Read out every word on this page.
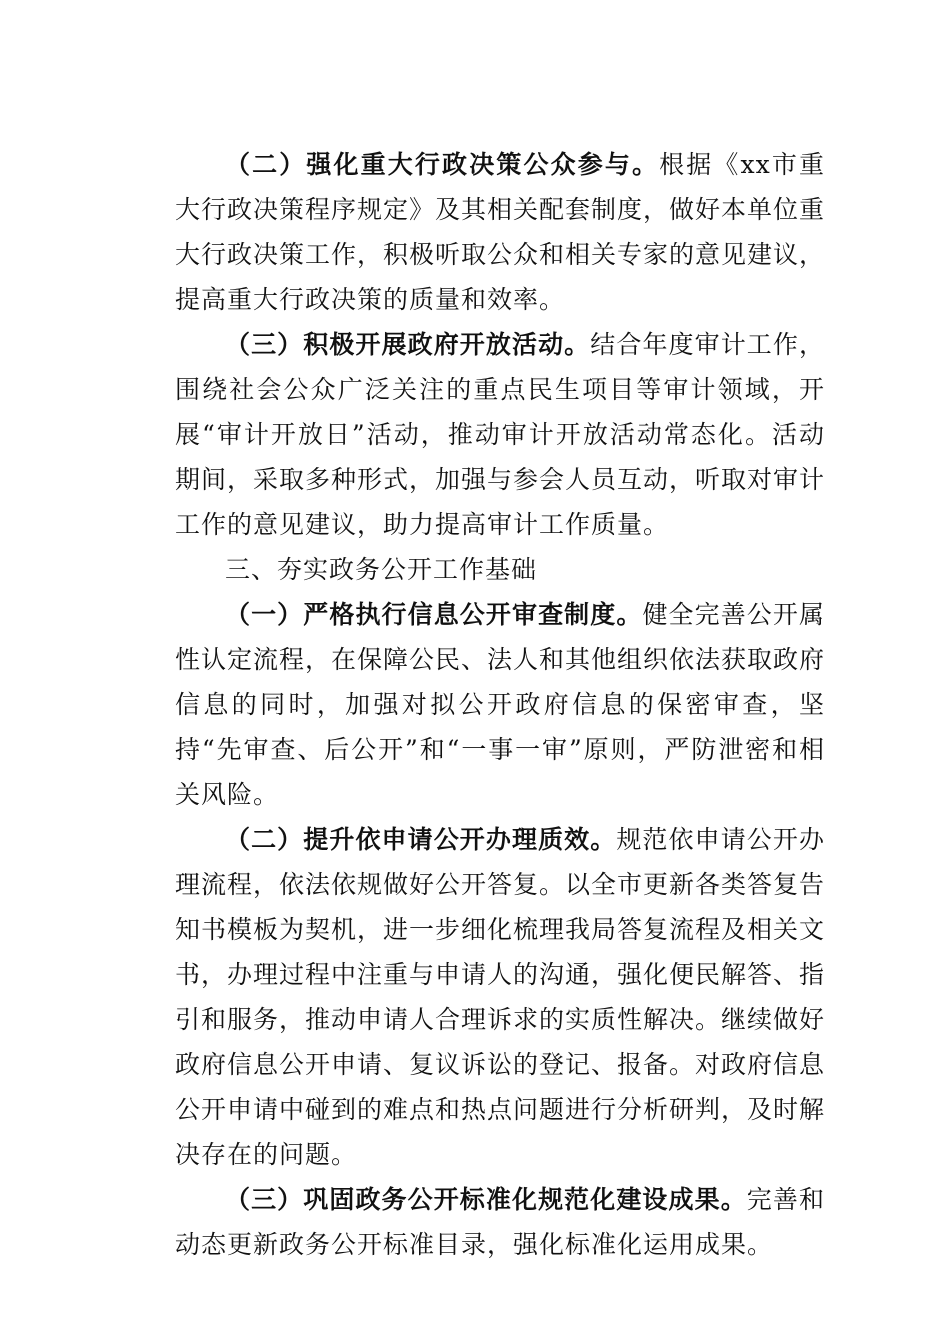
（二）强化重大行政决策公众参与。根据《xx市重大行政决策程序规定》及其相关配套制度，做好本单位重大行政决策工作，积极听取公众和相关专家的意见建议，提高重大行政决策的质量和效率。

（三）积极开展政府开放活动。结合年度审计工作，围绕社会公众广泛关注的重点民生项目等审计领域，开展“审计开放日”活动，推动审计开放活动常态化。活动期间，采取多种形式，加强与参会人员互动，听取对审计工作的意见建议，助力提高审计工作质量。

三、夯实政务公开工作基础

（一）严格执行信息公开审查制度。健全完善公开属性认定流程，在保障公民、法人和其他组织依法获取政府信息的同时，加强对拟公开政府信息的保密审查，坚持“先审查、后公开”和“一事一审”原则，严防泄密和相关风险。

（二）提升依申请公开办理质效。规范依申请公开办理流程，依法依规做好公开答复。以全市更新各类答复告知书模板为契机，进一步细化梳理我局答复流程及相关文书，办理过程中注重与申请人的沟通，强化便民解答、指引和服务，推动申请人合理诉求的实质性解决。继续做好政府信息公开申请、复议诉讼的登记、报备。对政府信息公开申请中碰到的难点和热点问题进行分析研判，及时解决存在的问题。

（三）巩固政务公开标准化规范化建设成果。完善和动态更新政务公开标准目录，强化标准化运用成果。
